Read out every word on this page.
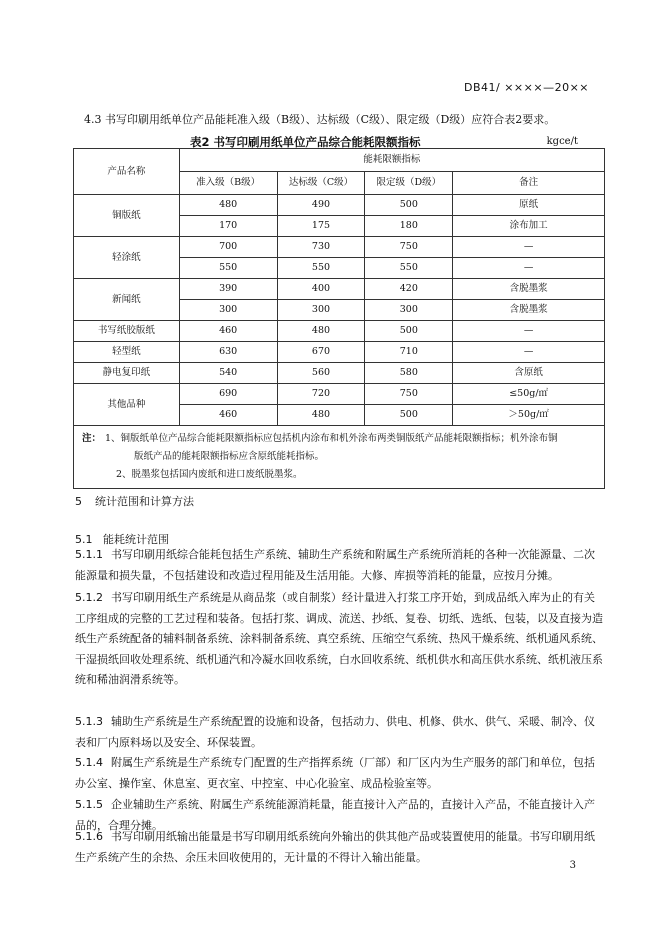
DB41/ ××××—20××
4.3 书写印刷用纸单位产品能耗准入级（B级）、达标级（C级）、限定级（D级）应符合表2要求。
表2 书写印刷用纸单位产品综合能耗限额指标	kgce/t
产品名称	能耗限额指标			
	准入级（B级）	达标级（C级）	限定级（D级）	备注
铜版纸	480	490	500	原纸
	170	175	180	涂布加工
轻涂纸	700	730	750	—
	550	550	550	—
新闻纸	390	400	420	含脱墨浆
	300	300	300	含脱墨浆
书写纸胶版纸	460	480	500	—
轻型纸	630	670	710	—
静电复印纸	540	560	580	含原纸
其他品种	690	720	750	≤50g/㎡
	460	480	500	＞50g/㎡

注： 1、铜版纸单位产品综合能耗限额指标应包括机内涂布和机外涂布两类铜版纸产品能耗限额指标；机外涂布铜
版纸产品的能耗限额指标应含原纸能耗指标。
2、脱墨浆包括国内废纸和进口废纸脱墨浆。				
5 统计范围和计算方法
5.1 能耗统计范围
5.1.1 书写印刷用纸综合能耗包括生产系统、辅助生产系统和附属生产系统所消耗的各种一次能源量、二次能源量和损失量，不包括建设和改造过程用能及生活用能。大修、库损等消耗的能量，应按月分摊。
5.1.2 书写印刷用纸生产系统是从商品浆（或自制浆）经计量进入打浆工序开始，到成品纸入库为止的有关工序组成的完整的工艺过程和装备。包括打浆、调成、流送、抄纸、复卷、切纸、选纸、包装，以及直接为造纸生产系统配备的辅料制备系统、涂料制备系统、真空系统、压缩空气系统、热风干燥系统、纸机通风系统、干湿损纸回收处理系统、纸机通汽和冷凝水回收系统，白水回收系统、纸机供水和高压供水系统、纸机液压系统和稀油润滑系统等。
5.1.3 辅助生产系统是生产系统配置的设施和设备，包括动力、供电、机修、供水、供气、采暖、制冷、仪表和厂内原料场以及安全、环保装置。
5.1.4 附属生产系统是生产系统专门配置的生产指挥系统（厂部）和厂区内为生产服务的部门和单位，包括办公室、操作室、休息室、更衣室、中控室、中心化验室、成品检验室等。
5.1.5 企业辅助生产系统、附属生产系统能源消耗量，能直接计入产品的，直接计入产品，不能直接计入产品的，合理分摊。
5.1.6 书写印刷用纸输出能量是书写印刷用纸系统向外输出的供其他产品或装置使用的能量。书写印刷用纸生产系统产生的余热、余压未回收使用的，无计量的不得计入输出能量。
3
